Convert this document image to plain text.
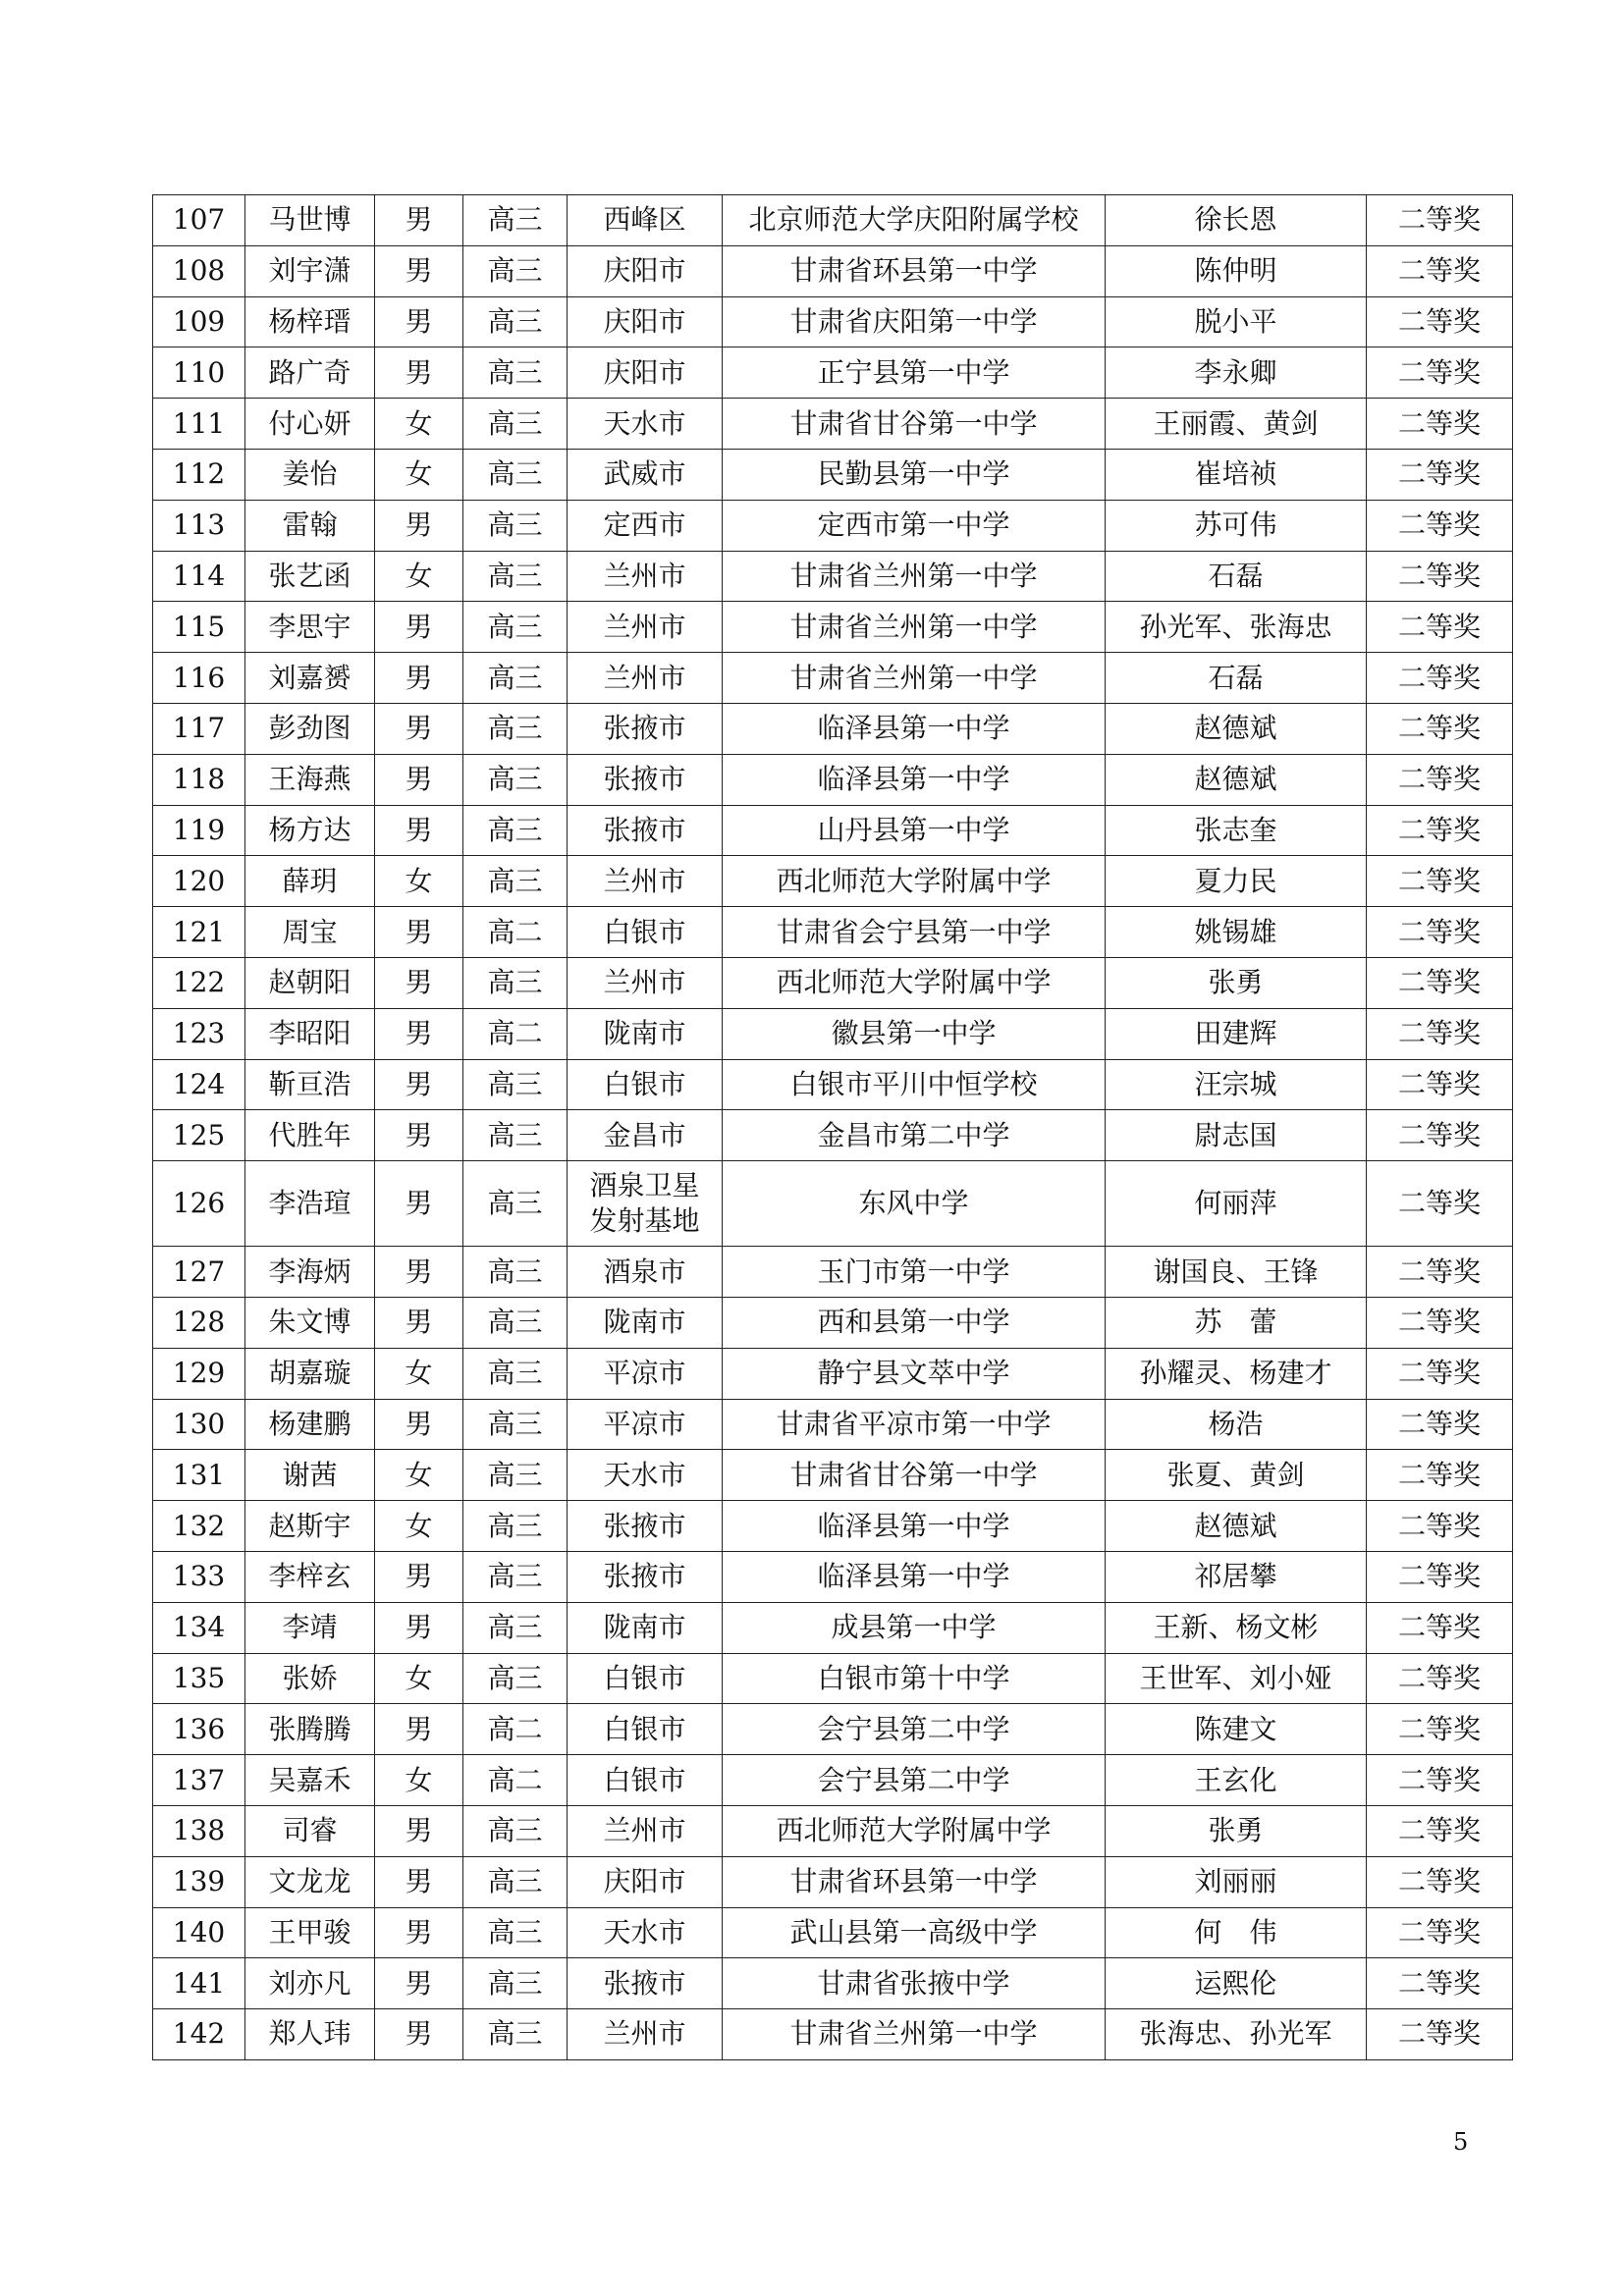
107	马世博	男	高三	西峰区	北京师范大学庆阳附属学校	徐长恩	二等奖
108	刘宇潇	男	高三	庆阳市	甘肃省环县第一中学	陈仲明	二等奖
109	杨梓瑨	男	高三	庆阳市	甘肃省庆阳第一中学	脱小平	二等奖
110	路广奇	男	高三	庆阳市	正宁县第一中学	李永卿	二等奖
111	付心妍	女	高三	天水市	甘肃省甘谷第一中学	王丽霞、黄剑	二等奖
112	姜怡	女	高三	武威市	民勤县第一中学	崔培祯	二等奖
113	雷翰	男	高三	定西市	定西市第一中学	苏可伟	二等奖
114	张艺函	女	高三	兰州市	甘肃省兰州第一中学	石磊	二等奖
115	李思宇	男	高三	兰州市	甘肃省兰州第一中学	孙光军、张海忠	二等奖
116	刘嘉赟	男	高三	兰州市	甘肃省兰州第一中学	石磊	二等奖
117	彭劲图	男	高三	张掖市	临泽县第一中学	赵德斌	二等奖
118	王海燕	男	高三	张掖市	临泽县第一中学	赵德斌	二等奖
119	杨方达	男	高三	张掖市	山丹县第一中学	张志奎	二等奖
120	薛玥	女	高三	兰州市	西北师范大学附属中学	夏力民	二等奖
121	周宝	男	高二	白银市	甘肃省会宁县第一中学	姚锡雄	二等奖
122	赵朝阳	男	高三	兰州市	西北师范大学附属中学	张勇	二等奖
123	李昭阳	男	高二	陇南市	徽县第一中学	田建辉	二等奖
124	靳亘浩	男	高三	白银市	白银市平川中恒学校	汪宗城	二等奖
125	代胜年	男	高三	金昌市	金昌市第二中学	尉志国	二等奖
126	李浩瑄	男	高三	酒泉卫星
发射基地	东风中学	何丽萍	二等奖
127	李海炳	男	高三	酒泉市	玉门市第一中学	谢国良、王锋	二等奖
128	朱文博	男	高三	陇南市	西和县第一中学	苏　蕾	二等奖
129	胡嘉璇	女	高三	平凉市	静宁县文萃中学	孙耀灵、杨建才	二等奖
130	杨建鹏	男	高三	平凉市	甘肃省平凉市第一中学	杨浩	二等奖
131	谢茜	女	高三	天水市	甘肃省甘谷第一中学	张夏、黄剑	二等奖
132	赵斯宇	女	高三	张掖市	临泽县第一中学	赵德斌	二等奖
133	李梓玄	男	高三	张掖市	临泽县第一中学	祁居攀	二等奖
134	李靖	男	高三	陇南市	成县第一中学	王新、杨文彬	二等奖
135	张娇	女	高三	白银市	白银市第十中学	王世军、刘小娅	二等奖
136	张腾腾	男	高二	白银市	会宁县第二中学	陈建文	二等奖
137	吴嘉禾	女	高二	白银市	会宁县第二中学	王玄化	二等奖
138	司睿	男	高三	兰州市	西北师范大学附属中学	张勇	二等奖
139	文龙龙	男	高三	庆阳市	甘肃省环县第一中学	刘丽丽	二等奖
140	王甲骏	男	高三	天水市	武山县第一高级中学	何　伟	二等奖
141	刘亦凡	男	高三	张掖市	甘肃省张掖中学	运熙伦	二等奖
142	郑人玮	男	高三	兰州市	甘肃省兰州第一中学	张海忠、孙光军	二等奖
5
